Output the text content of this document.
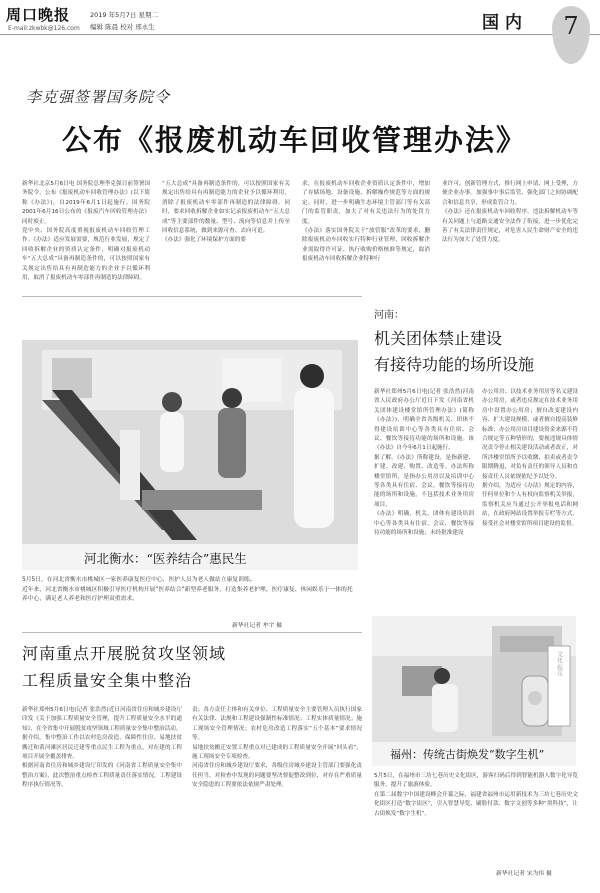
周口晚报	2019 年5月7日 星期二
编辑 陈晨 校对 邢永生
E-mail:zkwbk@126.com	国内 7
李克强签署国务院令
公布《报废机动车回收管理办法》
新华社北京5月6日电 国务院总理李克强日前签署国务院令，公布《报废机动车回收管理办法》(以下简称《办法》)，自2019年6月1日起施行。国务院2001年6月16日公布的《报废汽车回收管理办法》同时废止。
党中央、国务院高度重视报废机动车回收管理工作。《办法》适应发展需要，规范行业发展，规定了回收拆解企业的资质认定条件，明确对报废机动车“五大总成”具备再制造条件的，可以按照国家有关规定出售给具有再制造能力的企业予以循环利用，取消了报废机动车零部件再制造的法律障碍。
“五大总成”具备再制造条件的，可以按照国家有关规定出售给具有再制造能力的企业予以循环利用，消除了报废机动车零部件再制造的法律障碍。同时，要求回收拆解企业如实记录报废机动车“五大总成”等主要部件的数量、型号、流向等信息并上传至回收信息系统，做到来源可查、去向可追。
《办法》强化了环境保护方面的要
求，在报废机动车回收企业资质认定条件中，增加了存储场地、设备设施、拆解操作规范等方面的规定。同时，进一步明确生态环境主管部门等有关部门的监管职责，加大了对有关违法行为的处罚力度。
《办法》落实国务院关于“放管服”改革的要求，删除报废机动车回收实行特种行业管理、回收拆解企业需取得许可证、执行收购价格核准等规定，取消报废机动车回收拆解企业特种行
业许可，创新管理方式，推行网上申请、网上受理，方便企业办事。加强事中事后监管，强化部门之间协调配合和信息共享，形成监管合力。
《办法》还在报废机动车回收程序、违法拆解机动车等有关问题上与道路交通安全法作了衔接，进一步优化完善了有关法律责任规定，对危害人民生命财产安全的违法行为加大了处罚力度。
河北衡水：“医养结合”惠民生
5月5日，在河北省衡水市桃城区一家医养康复医疗中心，医护人员为老人做站立康复训练。
近年来，河北省衡水市桃城区积极引导医疗机构开展“医养结合”新型养老服务，打造集养老护理、医疗康复、休闲娱乐于一体的托养中心，满足老人养老和医疗护理双重需求。
新华社记者 牟宇 摄
河南：
机关团体禁止建设
有接待功能的场所设施
新华社郑州5月6日电(记者 张浩然)河南省人民政府办公厅近日下发《河南省机关团体建设楼堂馆所管理办法》(简称《办法》)，明确全省各级机关、团体不得建设培训中心等各类具有住宿、会议、餐饮等接待功能的场所和设施。该《办法》自今年6月1日起施行。
据了解，《办法》所称建设，是指新建、扩建、改建、购置、改造等。办法所称楼堂馆所，是指办公用房以及培训中心等各类具有住宿、会议、餐饮等接待功能的场所和设施，不包括技术业务用房项目。
《办法》明确，机关、团体有建设培训中心等各类具有住宿、会议、餐饮等接待功能的场所和设施；未经批准建设
办公用房；以技术业务用房等名义建设办公用房，或者违反规定在技术业务用房中设置办公用房；擅自改变建设内容、扩大建设规模，或者擅自提高装修标准；办公用房项目建设资金来源不符合规定等五种情形的，要视违规具体情况责令停止相关建设活动或者改正，对所涉楼堂馆所予以收缴、拍卖或者责令限期腾退，对负有责任的领导人员和直接责任人员依规依纪予以处分。
据介绍，为适应《办法》规定的内容，任何单位和个人有权向监察机关举报，监察机关应当通过公开举报电话和网站，在政府网站设置举报专栏等方式，接受社会对楼堂馆所项目建设的监督。
河南重点开展脱贫攻坚领域
工程质量安全集中整治
新华社郑州5月6日电(记者 张浩然)近日河南省住房和城乡建设厅印发《关于加强工程质量安全管理，提升工程质量安全水平的通知》，在全省集中开展脱贫攻坚领域工程质量安全集中整治活动。
据介绍，集中整治工作以农村危房改造、保障性住房、易地扶贫搬迁和黄河滩区居民迁建等重点民生工程为重点，对在建的工程项目开展全覆盖排查。
根据河南省住房和城乡建设厅印发的《河南省工程质量安全集中整治方案》，此次整治重点检查工程质量责任落实情况，工程建设程序执行情况等。
责；各方责任主体和有关单位、工程质量安全主要管理人员执行国家有关法律、法规和工程建设强制性标准情况；工程实体质量情况；施工现场安全管理情况；农村危房改造工程落实“五个基本”要求情况等。
易地扶贫搬迁安置工程重点对已建成的工程质量安全开展“回头看”，施工现场安全专项检查。
河南省住房和城乡建设厅要求，各级住房城乡建设主管部门要强化责任担当，对检查中发现的问题要坚决督促整改到位，对存在严重质量安全隐患的工程要依法依规严肃处理。
文化·娱乐
福州：传统古街焕发“数字生机”
5月5日，在福州市三坊七巷历史文化街区，游客扫码后得到智能机器人数字化导览服务，提升了旅游体验。
在第二届数字中国建设峰会开幕之际，福建省福州市运用新技术为三坊七巷历史文化街区打造“数字街区”，引入智慧导览、刷脸付款、数字文创等多种“黑科技”，让古街焕发“数字生机”。
新华社记者 宋为伟 摄
